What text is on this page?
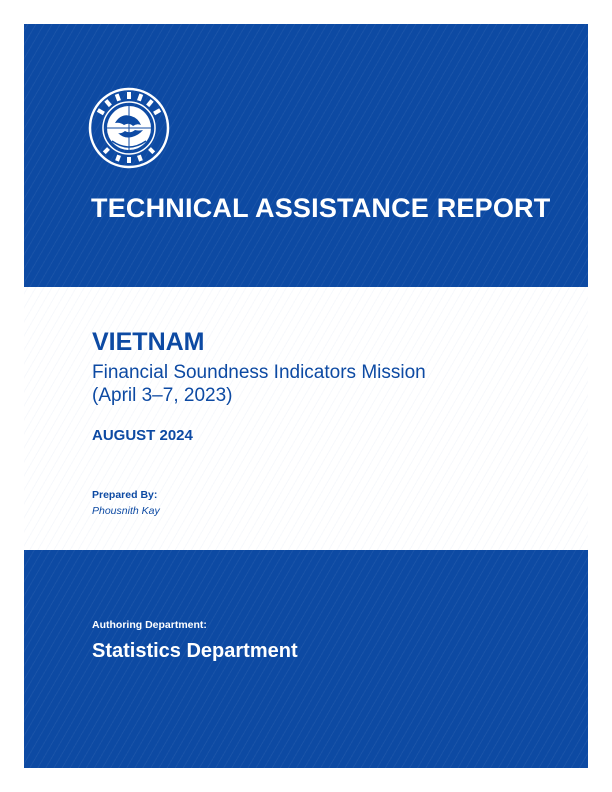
TECHNICAL ASSISTANCE REPORT
VIETNAM
Financial Soundness Indicators Mission
(April 3–7, 2023)
AUGUST 2024
Prepared By:
Phousnith Kay
Authoring Department:
Statistics Department
